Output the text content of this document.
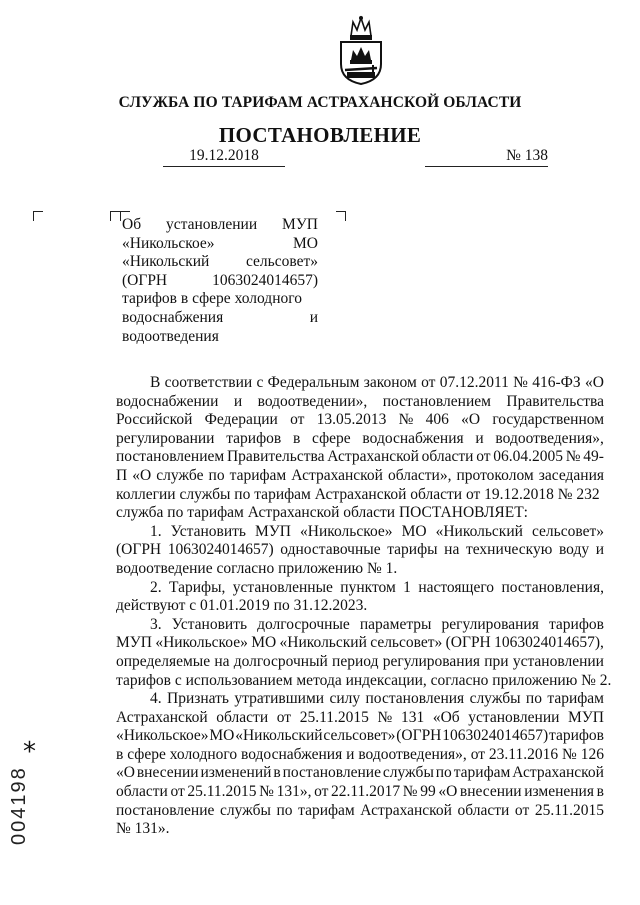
СЛУЖБА ПО ТАРИФАМ АСТРАХАНСКОЙ ОБЛАСТИ
ПОСТАНОВЛЕНИЕ
19.12.2018	№ 138
Об установлении МУП
«Никольское»	МО
«Никольский сельсовет»
(ОГРН	1063024014657)
тарифов в сфере холодного
водоснабжения	и
водоотведения
В соответствии с Федеральным законом от 07.12.2011 № 416-ФЗ «О
водоснабжении и водоотведении», постановлением Правительства
Российской Федерации от 13.05.2013 № 406 «О государственном
регулировании тарифов в сфере водоснабжения и водоотведения»,
постановлением Правительства Астраханской области от 06.04.2005 № 49-
П «О службе по тарифам Астраханской области», протоколом заседания
коллегии службы по тарифам Астраханской области от 19.12.2018 № 232
служба по тарифам Астраханской области ПОСТАНОВЛЯЕТ:
1. Установить МУП «Никольское» МО «Никольский сельсовет»
(ОГРН 1063024014657) одноставочные тарифы на техническую воду и
водоотведение согласно приложению № 1.
2. Тарифы, установленные пунктом 1 настоящего постановления,
действуют с 01.01.2019 по 31.12.2023.
3. Установить долгосрочные параметры регулирования тарифов
МУП «Никольское» МО «Никольский сельсовет» (ОГРН 1063024014657),
определяемые на долгосрочный период регулирования при установлении
тарифов с использованием метода индексации, согласно приложению № 2.
4. Признать утратившими силу постановления службы по тарифам
Астраханской области от 25.11.2015 № 131 «Об установлении МУП
«Никольское» МО «Никольский сельсовет» (ОГРН 1063024014657) тарифов
в сфере холодного водоснабжения и водоотведения», от 23.11.2016 № 126
«О внесении изменений в постановление службы по тарифам Астраханской
области от 25.11.2015 № 131», от 22.11.2017 № 99 «О внесении изменения в
постановление службы по тарифам Астраханской области от 25.11.2015
№ 131».
*
004198
